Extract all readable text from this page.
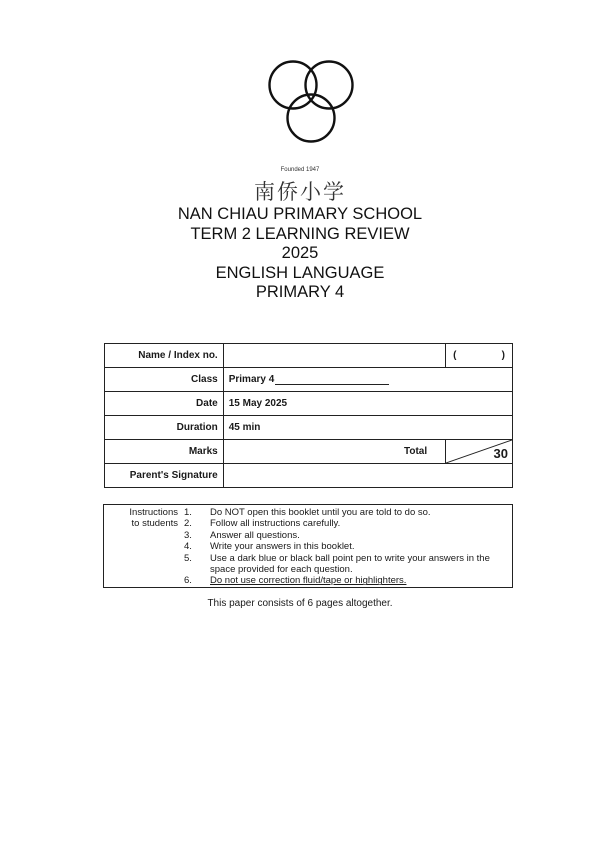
Founded 1947
南侨小学
NAN CHIAU PRIMARY SCHOOL
TERM 2 LEARNING REVIEW
2025
ENGLISH LANGUAGE
PRIMARY 4
Name / Index no.		( )

Class	Primary 4	
Date	15 May 2025	
Duration	45 min	
Marks	Total	30

Parent's Signature		
Instructions
to students
1.	Do NOT open this booklet until you are told to do so.
2.	Follow all instructions carefully.
3.	Answer all questions.
4.	Write your answers in this booklet.
5.	Use a dark blue or black ball point pen to write your answers in the space provided for each question.
6.	Do not use correction fluid/tape or highlighters.
This paper consists of 6 pages altogether.
